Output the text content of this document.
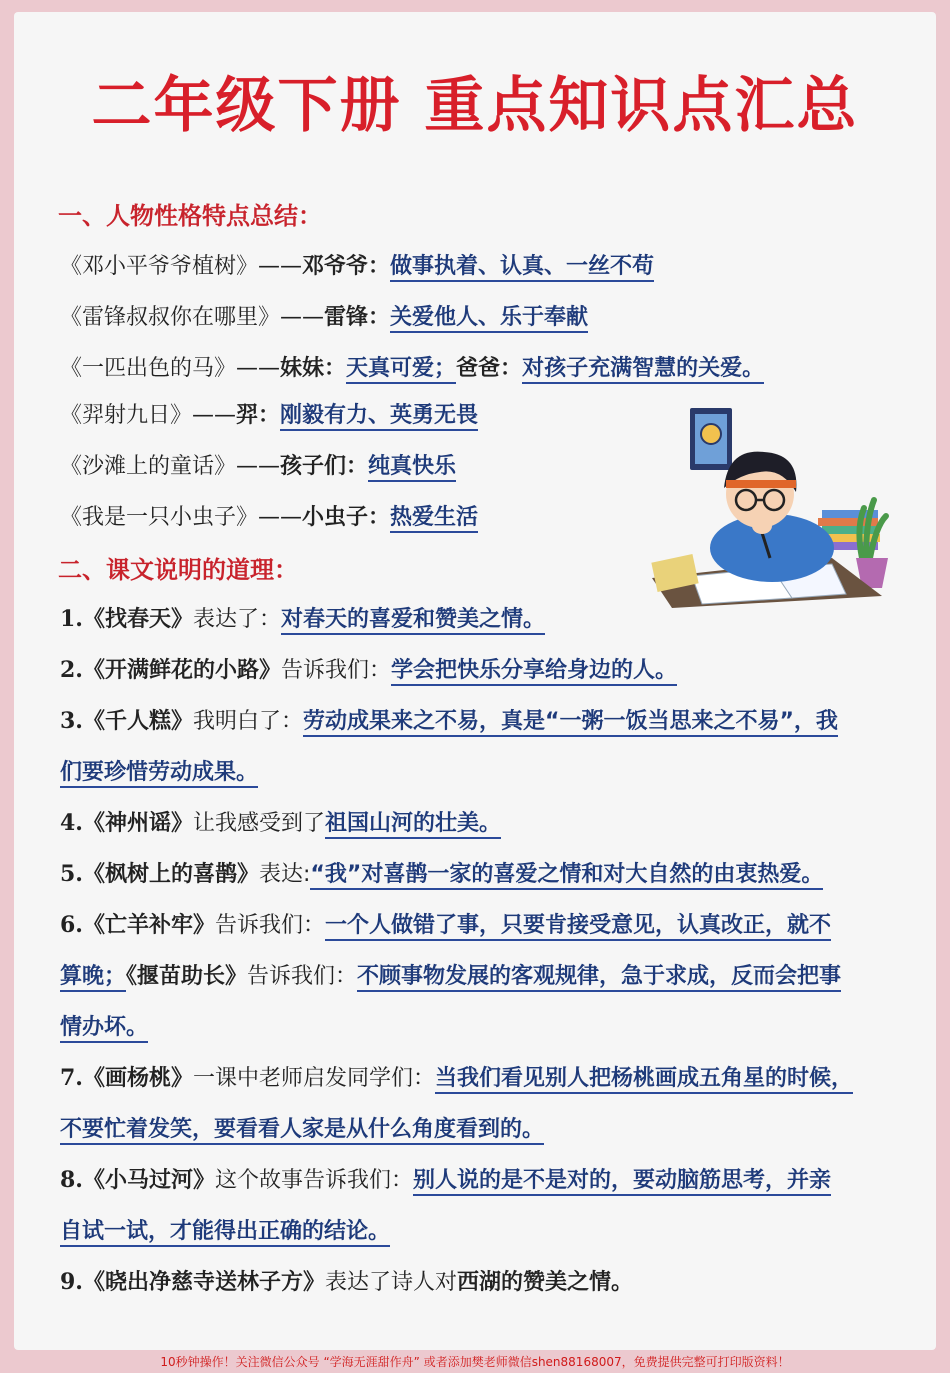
二年级下册 重点知识点汇总
一、人物性格特点总结：
《邓小平爷爷植树》——邓爷爷：做事执着、认真、一丝不苟
《雷锋叔叔你在哪里》——雷锋：关爱他人、乐于奉献
《一匹出色的马》——妹妹：天真可爱；爸爸：对孩子充满智慧的关爱。
《羿射九日》——羿：刚毅有力、英勇无畏
《沙滩上的童话》——孩子们：纯真快乐
《我是一只小虫子》——小虫子：热爱生活
二、课文说明的道理：
1.《找春天》表达了：对春天的喜爱和赞美之情。
2.《开满鲜花的小路》告诉我们：学会把快乐分享给身边的人。
3.《千人糕》我明白了：劳动成果来之不易，真是“一粥一饭当思来之不易”，我
们要珍惜劳动成果。
4.《神州谣》让我感受到了祖国山河的壮美。
5.《枫树上的喜鹊》表达:“我”对喜鹊一家的喜爱之情和对大自然的由衷热爱。
6.《亡羊补牢》告诉我们：一个人做错了事，只要肯接受意见，认真改正，就不
算晚；《揠苗助长》告诉我们：不顾事物发展的客观规律，急于求成，反而会把事
情办坏。
7.《画杨桃》一课中老师启发同学们：当我们看见别人把杨桃画成五角星的时候，
不要忙着发笑，要看看人家是从什么角度看到的。
8.《小马过河》这个故事告诉我们：别人说的是不是对的，要动脑筋思考，并亲
自试一试，才能得出正确的结论。
9.《晓出净慈寺送林子方》表达了诗人对西湖的赞美之情。
10秒钟操作！关注微信公众号 “学海无涯甜作舟” 或者添加樊老师微信shen88168007，免费提供完整可打印版资料！
